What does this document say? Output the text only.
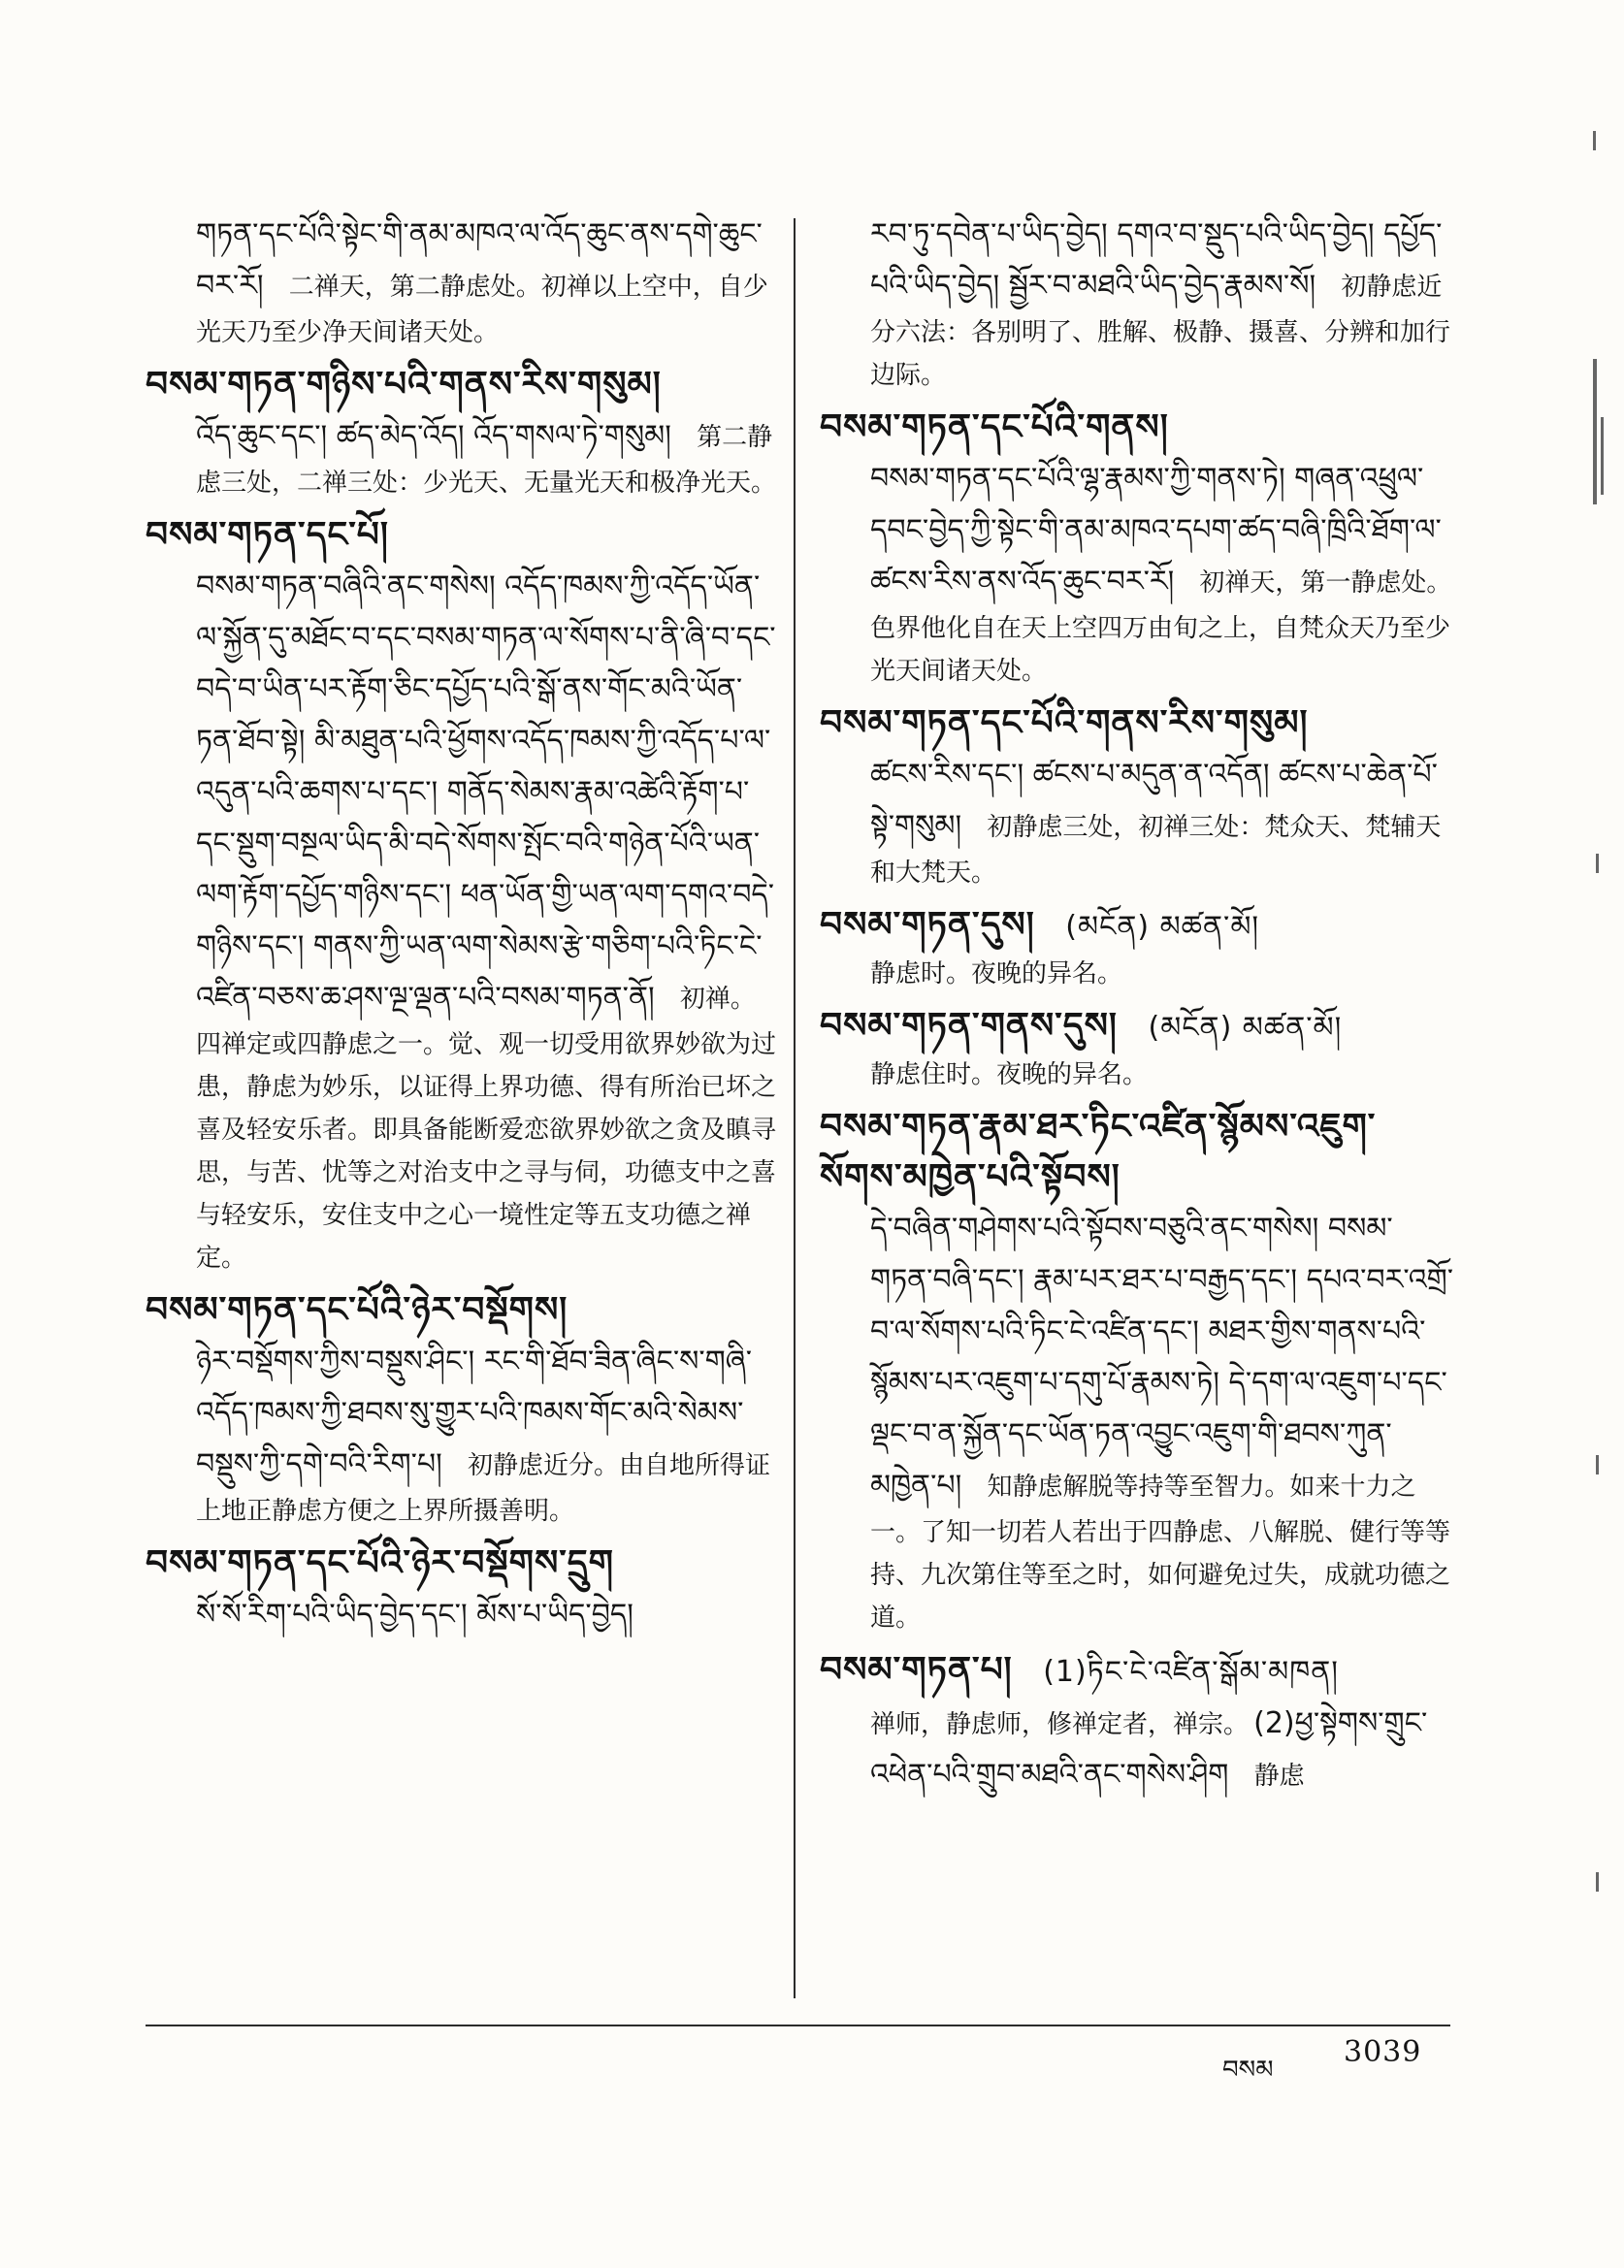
གཏན་དང་པོའི་སྟེང་གི་ནམ་མཁའ་ལ་འོད་ཆུང་ནས་དགེ་ཆུང་བར་རོ། 二禅天，第二静虑处。初禅以上空中，自少光天乃至少净天间诸天处。
བསམ་གཏན་གཉིས་པའི་གནས་རིས་གསུམ།
འོད་ཆུང་དང་། ཚད་མེད་འོད། འོད་གསལ་ཏེ་གསུམ། 第二静虑三处，二禅三处：少光天、无量光天和极净光天。
བསམ་གཏན་དང་པོ།
བསམ་གཏན་བཞིའི་ནང་གསེས། འདོད་ཁམས་ཀྱི་འདོད་ཡོན་ལ་སྐྱོན་དུ་མཐོང་བ་དང་བསམ་གཏན་ལ་སོགས་པ་ནི་ཞི་བ་དང་བདེ་བ་ཡིན་པར་རྟོག་ཅིང་དཔྱོད་པའི་སྒོ་ནས་གོང་མའི་ཡོན་ཏན་ཐོབ་སྟེ། མི་མཐུན་པའི་ཕྱོགས་འདོད་ཁམས་ཀྱི་འདོད་པ་ལ་འདུན་པའི་ཆགས་པ་དང་། གནོད་སེམས་རྣམ་འཚེའི་རྟོག་པ་དང་སྡུག་བསྔལ་ཡིད་མི་བདེ་སོགས་སྤོང་བའི་གཉེན་པོའི་ཡན་ལག་རྟོག་དཔྱོད་གཉིས་དང་། ཕན་ཡོན་གྱི་ཡན་ལག་དགའ་བདེ་གཉིས་དང་། གནས་ཀྱི་ཡན་ལག་སེམས་རྩེ་གཅིག་པའི་ཏིང་ངེ་འཛིན་བཅས་ཆ་ཤས་ལྔ་ལྡན་པའི་བསམ་གཏན་ནོ། 初禅。四禅定或四静虑之一。觉、观一切受用欲界妙欲为过患，静虑为妙乐，以证得上界功德、得有所治已坏之喜及轻安乐者。即具备能断爱恋欲界妙欲之贪及瞋寻思，与苦、忧等之对治支中之寻与伺，功德支中之喜与轻安乐，安住支中之心一境性定等五支功德之禅定。
བསམ་གཏན་དང་པོའི་ཉེར་བསྡོགས།
ཉེར་བསྡོགས་ཀྱིས་བསྡུས་ཤིང་། རང་གི་ཐོབ་ཟིན་ཞིང་ས་གཞི་འདོད་ཁམས་ཀྱི་ཐབས་སུ་གྱུར་པའི་ཁམས་གོང་མའི་སེམས་བསྡུས་ཀྱི་དགེ་བའི་རིག་པ། 初静虑近分。由自地所得证上地正静虑方便之上界所摄善明。
བསམ་གཏན་དང་པོའི་ཉེར་བསྡོགས་དྲུག
སོ་སོ་རིག་པའི་ཡིད་བྱེད་དང་། མོས་པ་ཡིད་བྱེད།
རབ་ཏུ་དབེན་པ་ཡིད་བྱེད། དགའ་བ་སྡུད་པའི་ཡིད་བྱེད། དཔྱོད་པའི་ཡིད་བྱེད། སྦྱོར་བ་མཐའི་ཡིད་བྱེད་རྣམས་སོ། 初静虑近分六法：各别明了、胜解、极静、摄喜、分辨和加行边际。
བསམ་གཏན་དང་པོའི་གནས།
བསམ་གཏན་དང་པོའི་ལྷ་རྣམས་ཀྱི་གནས་ཏེ། གཞན་འཕྲུལ་དབང་བྱེད་ཀྱི་སྟེང་གི་ནམ་མཁའ་དཔག་ཚད་བཞི་ཁྲིའི་ཐོག་ལ་ཚངས་རིས་ནས་འོད་ཆུང་བར་རོ། 初禅天，第一静虑处。色界他化自在天上空四万由旬之上，自梵众天乃至少光天间诸天处。
བསམ་གཏན་དང་པོའི་གནས་རིས་གསུམ།
ཚངས་རིས་དང་། ཚངས་པ་མདུན་ན་འདོན། ཚངས་པ་ཆེན་པོ་སྟེ་གསུམ། 初静虑三处，初禅三处：梵众天、梵辅天和大梵天。
བསམ་གཏན་དུས། (མངོན) མཚན་མོ།
静虑时。夜晚的异名。
བསམ་གཏན་གནས་དུས། (མངོན) མཚན་མོ།
静虑住时。夜晚的异名。
བསམ་གཏན་རྣམ་ཐར་ཏིང་འཛིན་སྙོམས་འཇུག་སོགས་མཁྱེན་པའི་སྟོབས།
དེ་བཞིན་གཤེགས་པའི་སྟོབས་བཅུའི་ནང་གསེས། བསམ་གཏན་བཞི་དང་། རྣམ་པར་ཐར་པ་བརྒྱད་དང་། དཔའ་བར་འགྲོ་བ་ལ་སོགས་པའི་ཏིང་ངེ་འཛིན་དང་། མཐར་གྱིས་གནས་པའི་སྙོམས་པར་འཇུག་པ་དགུ་པོ་རྣམས་ཏེ། དེ་དག་ལ་འཇུག་པ་དང་ལྡང་བ་ན་སྐྱོན་དང་ཡོན་ཏན་འབྱུང་འཇུག་གི་ཐབས་ཀུན་མཁྱེན་པ། 知静虑解脱等持等至智力。如来十力之一。了知一切若人若出于四静虑、八解脱、健行等等持、九次第住等至之时，如何避免过失，成就功德之道。
བསམ་གཏན་པ། (1)ཏིང་ངེ་འཛིན་སྒོམ་མཁན།
禅师，静虑师，修禅定者，禅宗。 (2)ཕྱ་སྟེགས་གྲུང་འཕེན་པའི་གྲུབ་མཐའི་ནང་གསེས་ཤིག 静虑
བསམ
3039
